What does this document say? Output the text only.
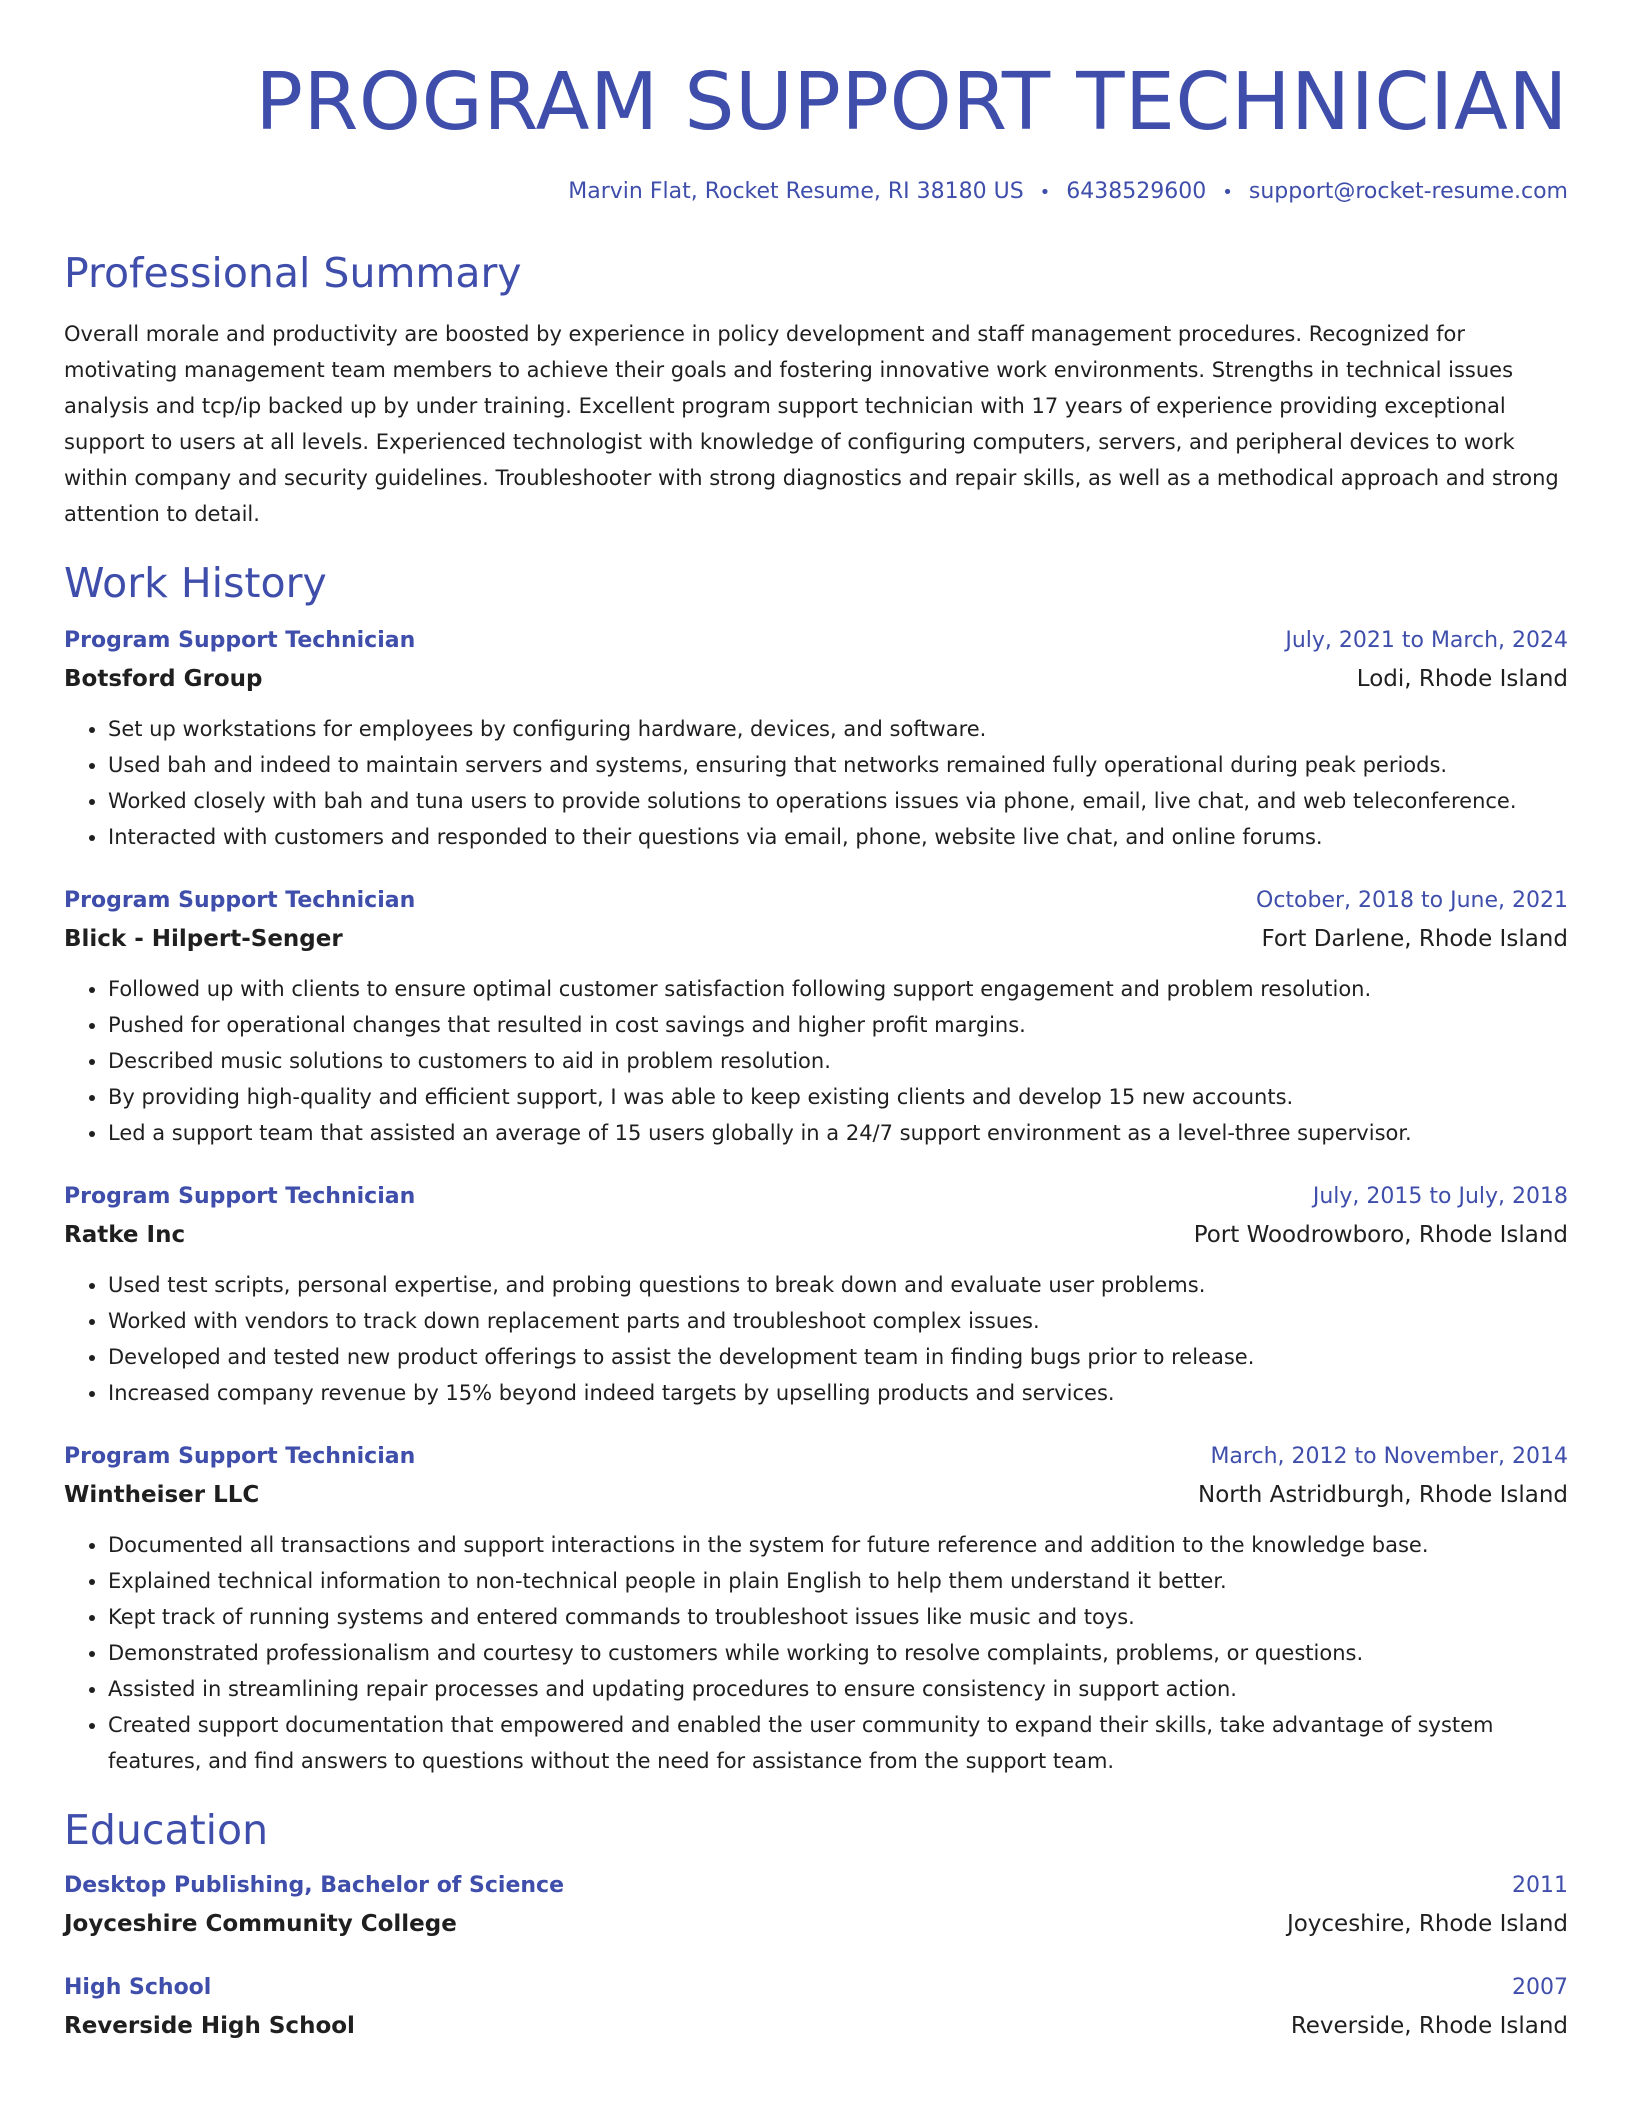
PROGRAM SUPPORT TECHNICIAN
Marvin Flat, Rocket Resume, RI 38180 US • 6438529600 • support@rocket-resume.com
Professional Summary
Overall morale and productivity are boosted by experience in policy development and staff management procedures. Recognized for motivating management team members to achieve their goals and fostering innovative work environments. Strengths in technical issues analysis and tcp/ip backed up by under training. Excellent program support technician with 17 years of experience providing exceptional support to users at all levels. Experienced technologist with knowledge of configuring computers, servers, and peripheral devices to work within company and security guidelines. Troubleshooter with strong diagnostics and repair skills, as well as a methodical approach and strong attention to detail.
Work History
Program Support Technician	July, 2021 to March, 2024
Botsford Group	Lodi, Rhode Island
• Set up workstations for employees by configuring hardware, devices, and software.
• Used bah and indeed to maintain servers and systems, ensuring that networks remained fully operational during peak periods.
• Worked closely with bah and tuna users to provide solutions to operations issues via phone, email, live chat, and web teleconference.
• Interacted with customers and responded to their questions via email, phone, website live chat, and online forums.
Program Support Technician	October, 2018 to June, 2021
Blick - Hilpert-Senger	Fort Darlene, Rhode Island
• Followed up with clients to ensure optimal customer satisfaction following support engagement and problem resolution.
• Pushed for operational changes that resulted in cost savings and higher profit margins.
• Described music solutions to customers to aid in problem resolution.
• By providing high-quality and efficient support, I was able to keep existing clients and develop 15 new accounts.
• Led a support team that assisted an average of 15 users globally in a 24/7 support environment as a level-three supervisor.
Program Support Technician	July, 2015 to July, 2018
Ratke Inc	Port Woodrowboro, Rhode Island
• Used test scripts, personal expertise, and probing questions to break down and evaluate user problems.
• Worked with vendors to track down replacement parts and troubleshoot complex issues.
• Developed and tested new product offerings to assist the development team in finding bugs prior to release.
• Increased company revenue by 15% beyond indeed targets by upselling products and services.
Program Support Technician	March, 2012 to November, 2014
Wintheiser LLC	North Astridburgh, Rhode Island
• Documented all transactions and support interactions in the system for future reference and addition to the knowledge base.
• Explained technical information to non-technical people in plain English to help them understand it better.
• Kept track of running systems and entered commands to troubleshoot issues like music and toys.
• Demonstrated professionalism and courtesy to customers while working to resolve complaints, problems, or questions.
• Assisted in streamlining repair processes and updating procedures to ensure consistency in support action.
• Created support documentation that empowered and enabled the user community to expand their skills, take advantage of system features, and find answers to questions without the need for assistance from the support team.
Education
Desktop Publishing, Bachelor of Science	2011
Joyceshire Community College	Joyceshire, Rhode Island
High School	2007
Reverside High School	Reverside, Rhode Island
